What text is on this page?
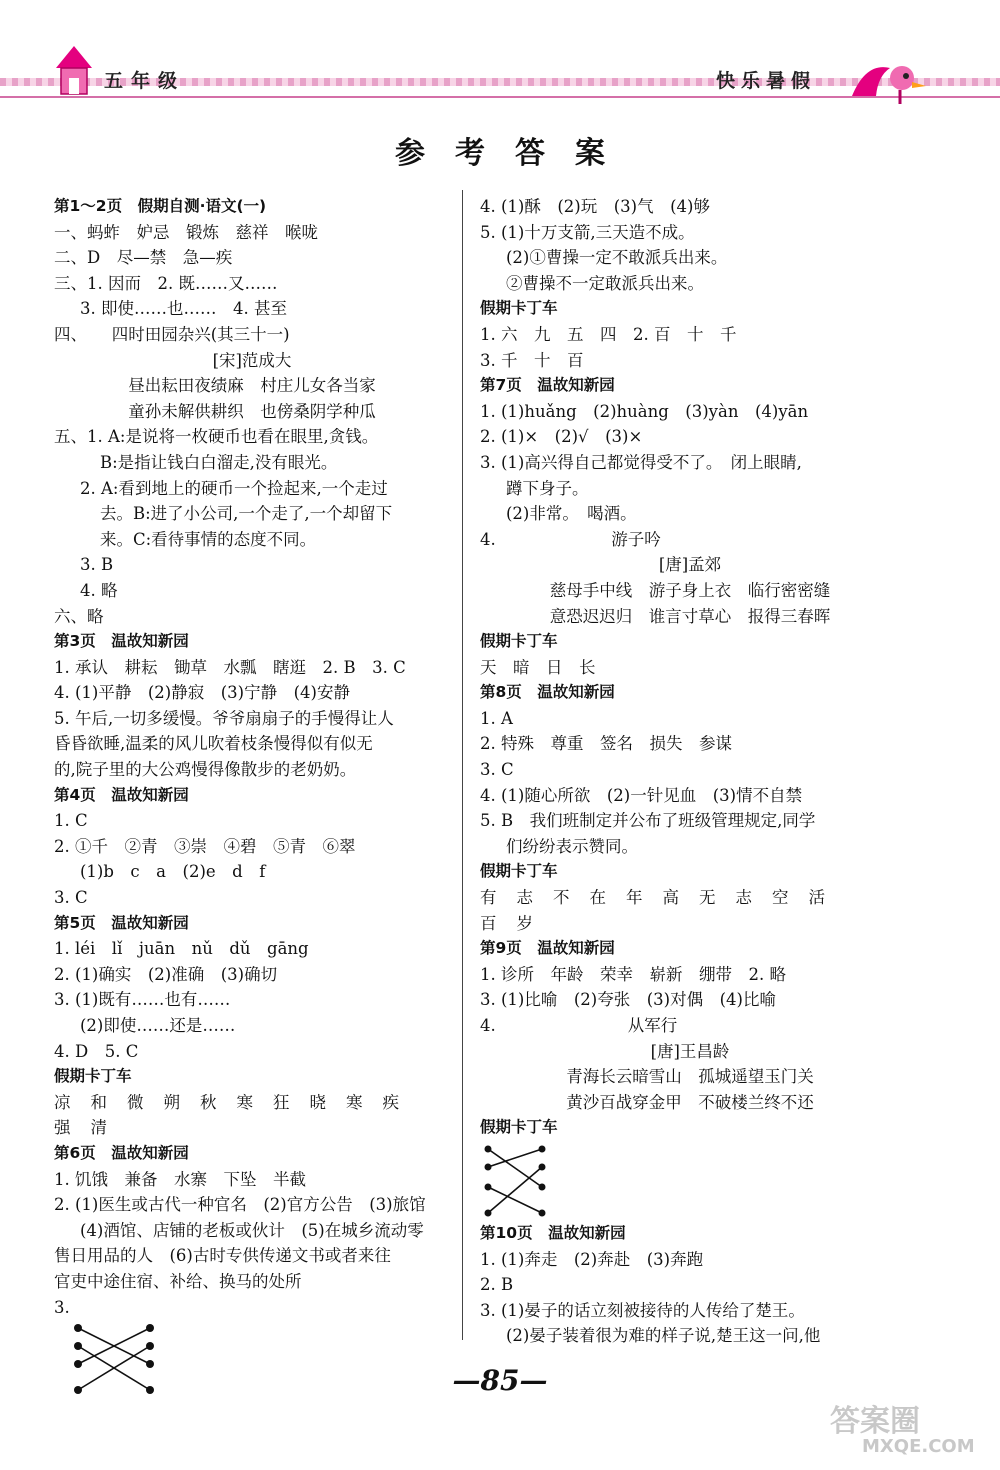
五年级	快乐暑假
参考答案
第1～2页　假期自测·语文(一)
一、蚂蚱　妒忌　锻炼　慈祥　喉咙
二、D　尽—禁　急—疾
三、1. 因而　2. 既……又……
3. 即使……也……　4. 甚至
四、　　四时田园杂兴(其三十一)
[宋]范成大
昼出耘田夜绩麻　村庄儿女各当家
童孙未解供耕织　也傍桑阴学种瓜
五、1. A:是说将一枚硬币也看在眼里,贪钱。
B:是指让钱白白溜走,没有眼光。
2. A:看到地上的硬币一个捡起来,一个走过
去。B:进了小公司,一个走了,一个却留下
来。C:看待事情的态度不同。
3. B
4. 略
六、略
第3页　温故知新园
1. 承认　耕耘　锄草　水瓢　瞎逛　2. B　3. C
4. (1)平静　(2)静寂　(3)宁静　(4)安静
5. 午后,一切多缓慢。爷爷扇扇子的手慢得让人
昏昏欲睡,温柔的风儿吹着枝条慢得似有似无
的,院子里的大公鸡慢得像散步的老奶奶。
第4页　温故知新园
1. C
2. ①千　②青　③崇　④碧　⑤青　⑥翠
(1)b　c　a　(2)e　d　f
3. C
第5页　温故知新园
1. léi　lǐ　juān　nǔ　dǔ　gāng
2. (1)确实　(2)准确　(3)确切
3. (1)既有……也有……
(2)即使……还是……
4. D　5. C
假期卡丁车
凉和微朔秋寒狂晓寒疾
强清
第6页　温故知新园
1. 饥饿　兼备　水寨　下坠　半截
2. (1)医生或古代一种官名　(2)官方公告　(3)旅馆
(4)酒馆、店铺的老板或伙计　(5)在城乡流动零
售日用品的人　(6)古时专供传递文书或者来往
官吏中途住宿、补给、换马的处所
3.
4. (1)酥　(2)玩　(3)气　(4)够
5. (1)十万支箭,三天造不成。
(2)①曹操一定不敢派兵出来。
②曹操不一定敢派兵出来。
假期卡丁车
1. 六　九　五　四　2. 百　十　千
3. 千　十　百
第7页　温故知新园
1. (1)huǎng　(2)huàng　(3)yàn　(4)yān
2. (1)×　(2)√　(3)×
3. (1)高兴得自己都觉得受不了。　闭上眼睛,
蹲下身子。
(2)非常。　喝酒。
4.　　　　　　　游子吟
[唐]孟郊
慈母手中线　游子身上衣　临行密密缝
意恐迟迟归　谁言寸草心　报得三春晖
假期卡丁车
天　暗　日　长
第8页　温故知新园
1. A
2. 特殊　尊重　签名　损失　参谋
3. C
4. (1)随心所欲　(2)一针见血　(3)情不自禁
5. B　我们班制定并公布了班级管理规定,同学
们纷纷表示赞同。
假期卡丁车
有志不在年高无志空活
百岁
第9页　温故知新园
1. 诊所　年龄　荣幸　崭新　绷带　2. 略
3. (1)比喻　(2)夸张　(3)对偶　(4)比喻
4.　　　　　　　　从军行
[唐]王昌龄
青海长云暗雪山　孤城遥望玉门关
黄沙百战穿金甲　不破楼兰终不还
假期卡丁车
第10页　温故知新园
1. (1)奔走　(2)奔赴　(3)奔跑
2. B
3. (1)晏子的话立刻被接待的人传给了楚王。
(2)晏子装着很为难的样子说,楚王这一问,他
—85—
答案圈
MXQE.COM
